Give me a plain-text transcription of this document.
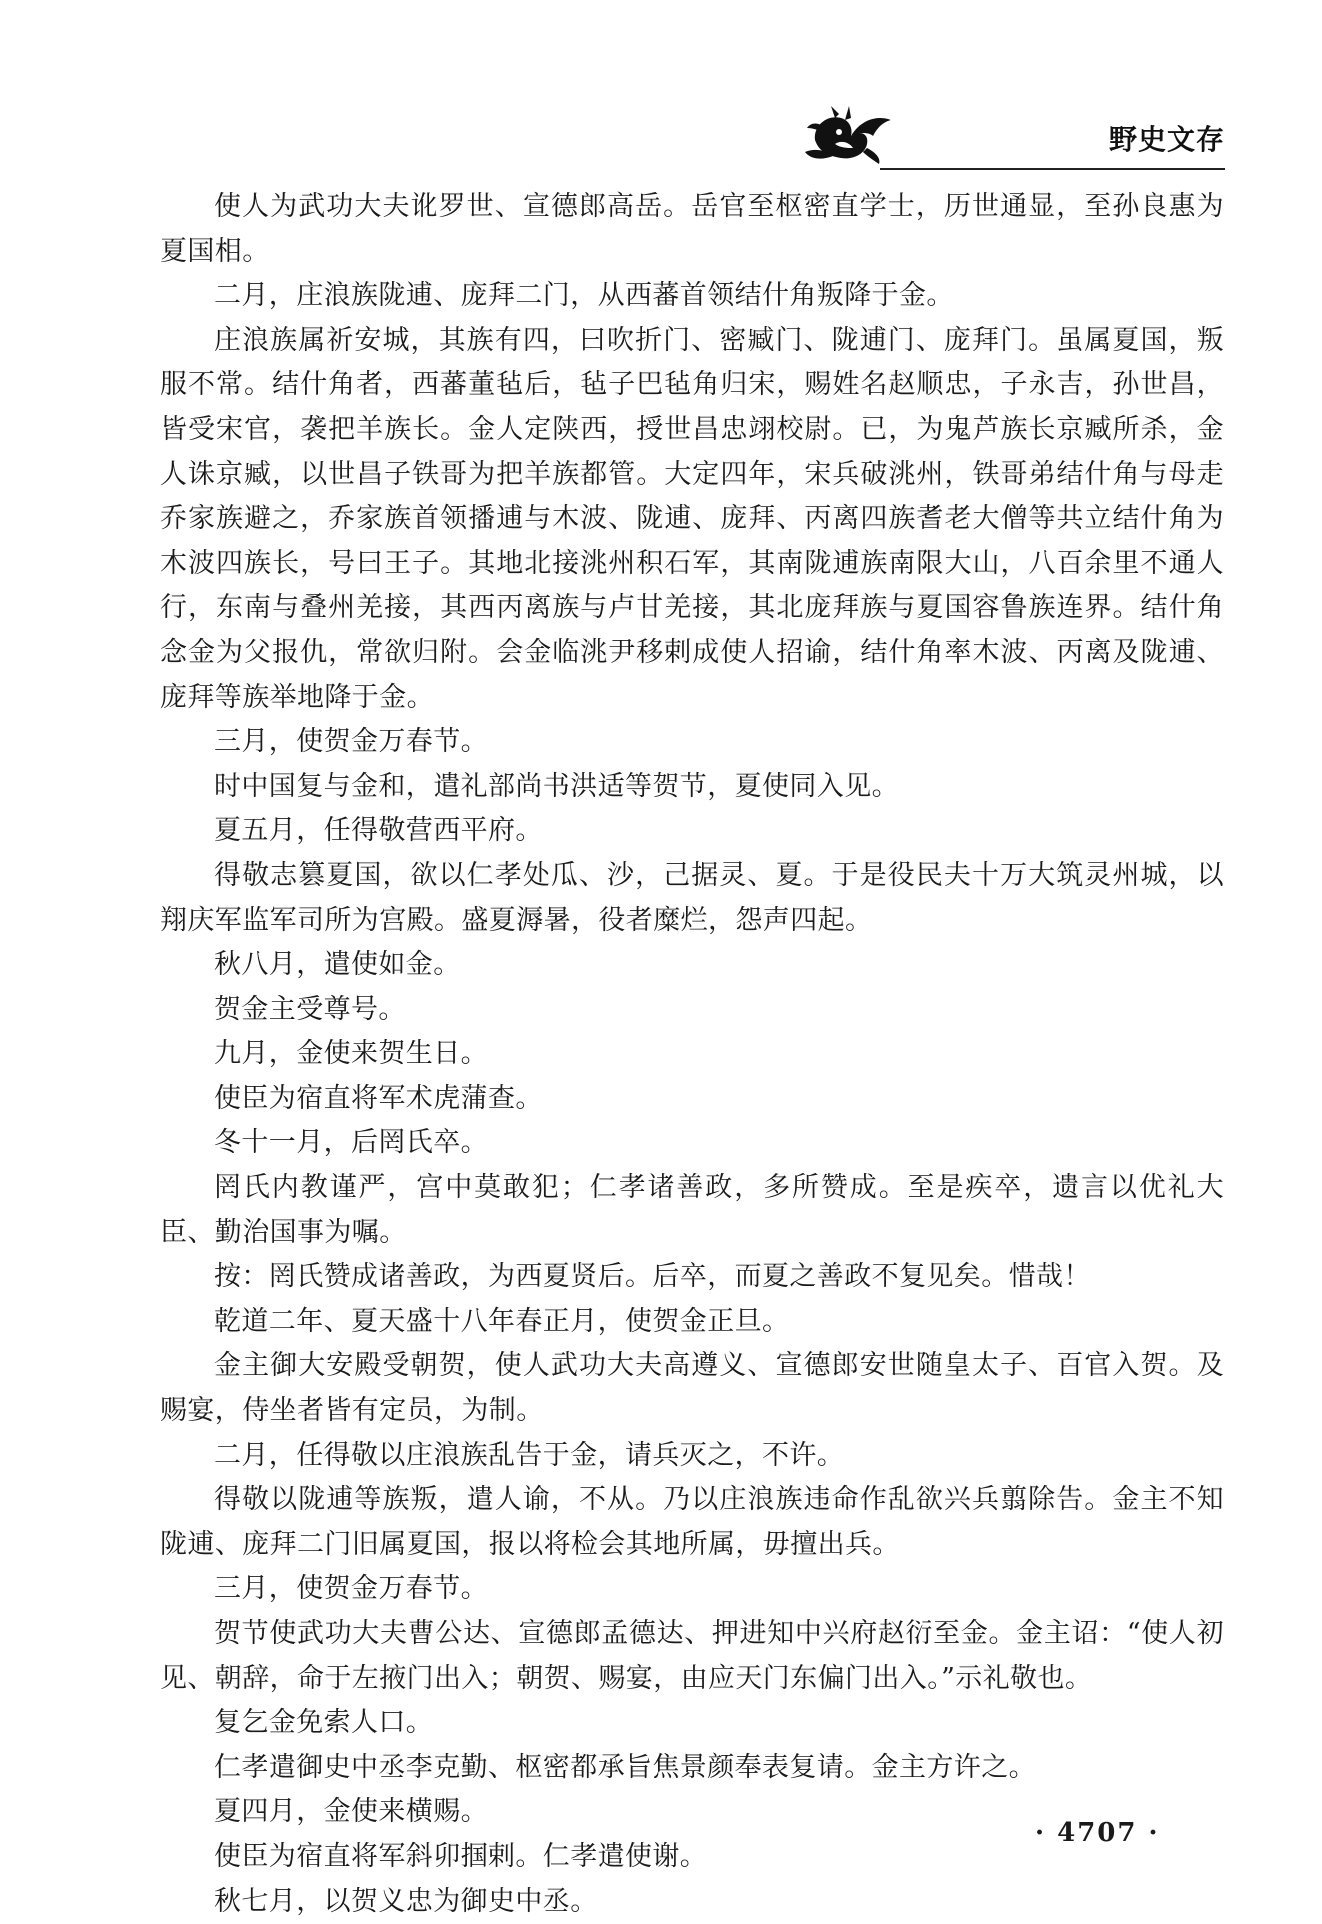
野史文存

使人为武功大夫讹罗世、宣德郎高岳。岳官至枢密直学士，历世通显，至孙良惠为夏国相。

二月，庄浪族陇逋、庞拜二门，从西蕃首领结什角叛降于金。

庄浪族属祈安城，其族有四，曰吹折门、密臧门、陇逋门、庞拜门。虽属夏国，叛服不常。结什角者，西蕃董毡后，毡子巴毡角归宋，赐姓名赵顺忠，子永吉，孙世昌，皆受宋官，袭把羊族长。金人定陕西，授世昌忠翊校尉。已，为鬼芦族长京臧所杀，金人诛京臧，以世昌子铁哥为把羊族都管。大定四年，宋兵破洮州，铁哥弟结什角与母走乔家族避之，乔家族首领播逋与木波、陇逋、庞拜、丙离四族耆老大僧等共立结什角为木波四族长，号曰王子。其地北接洮州积石军，其南陇逋族南限大山，八百余里不通人行，东南与叠州羌接，其西丙离族与卢甘羌接，其北庞拜族与夏国容鲁族连界。结什角念金为父报仇，常欲归附。会金临洮尹移剌成使人招谕，结什角率木波、丙离及陇逋、庞拜等族举地降于金。

三月，使贺金万春节。

时中国复与金和，遣礼部尚书洪适等贺节，夏使同入见。

夏五月，任得敬营西平府。

得敬志篡夏国，欲以仁孝处瓜、沙，己据灵、夏。于是役民夫十万大筑灵州城，以翔庆军监军司所为宫殿。盛夏溽暑，役者糜烂，怨声四起。

秋八月，遣使如金。

贺金主受尊号。

九月，金使来贺生日。

使臣为宿直将军术虎蒲查。

冬十一月，后罔氏卒。

罔氏内教谨严，宫中莫敢犯；仁孝诸善政，多所赞成。至是疾卒，遗言以优礼大臣、勤治国事为嘱。

按：罔氏赞成诸善政，为西夏贤后。后卒，而夏之善政不复见矣。惜哉！

乾道二年、夏天盛十八年春正月，使贺金正旦。

金主御大安殿受朝贺，使人武功大夫高遵义、宣德郎安世随皇太子、百官入贺。及赐宴，侍坐者皆有定员，为制。

二月，任得敬以庄浪族乱告于金，请兵灭之，不许。

得敬以陇逋等族叛，遣人谕，不从。乃以庄浪族违命作乱欲兴兵翦除告。金主不知陇逋、庞拜二门旧属夏国，报以将检会其地所属，毋擅出兵。

三月，使贺金万春节。

贺节使武功大夫曹公达、宣德郎孟德达、押进知中兴府赵衍至金。金主诏：“使人初见、朝辞，命于左掖门出入；朝贺、赐宴，由应天门东偏门出入。”示礼敬也。

复乞金免索人口。

仁孝遣御史中丞李克勤、枢密都承旨焦景颜奉表复请。金主方许之。

夏四月，金使来横赐。

使臣为宿直将军斜卯掴剌。仁孝遣使谢。

秋七月，以贺义忠为御史中丞。

· 4707 ·
